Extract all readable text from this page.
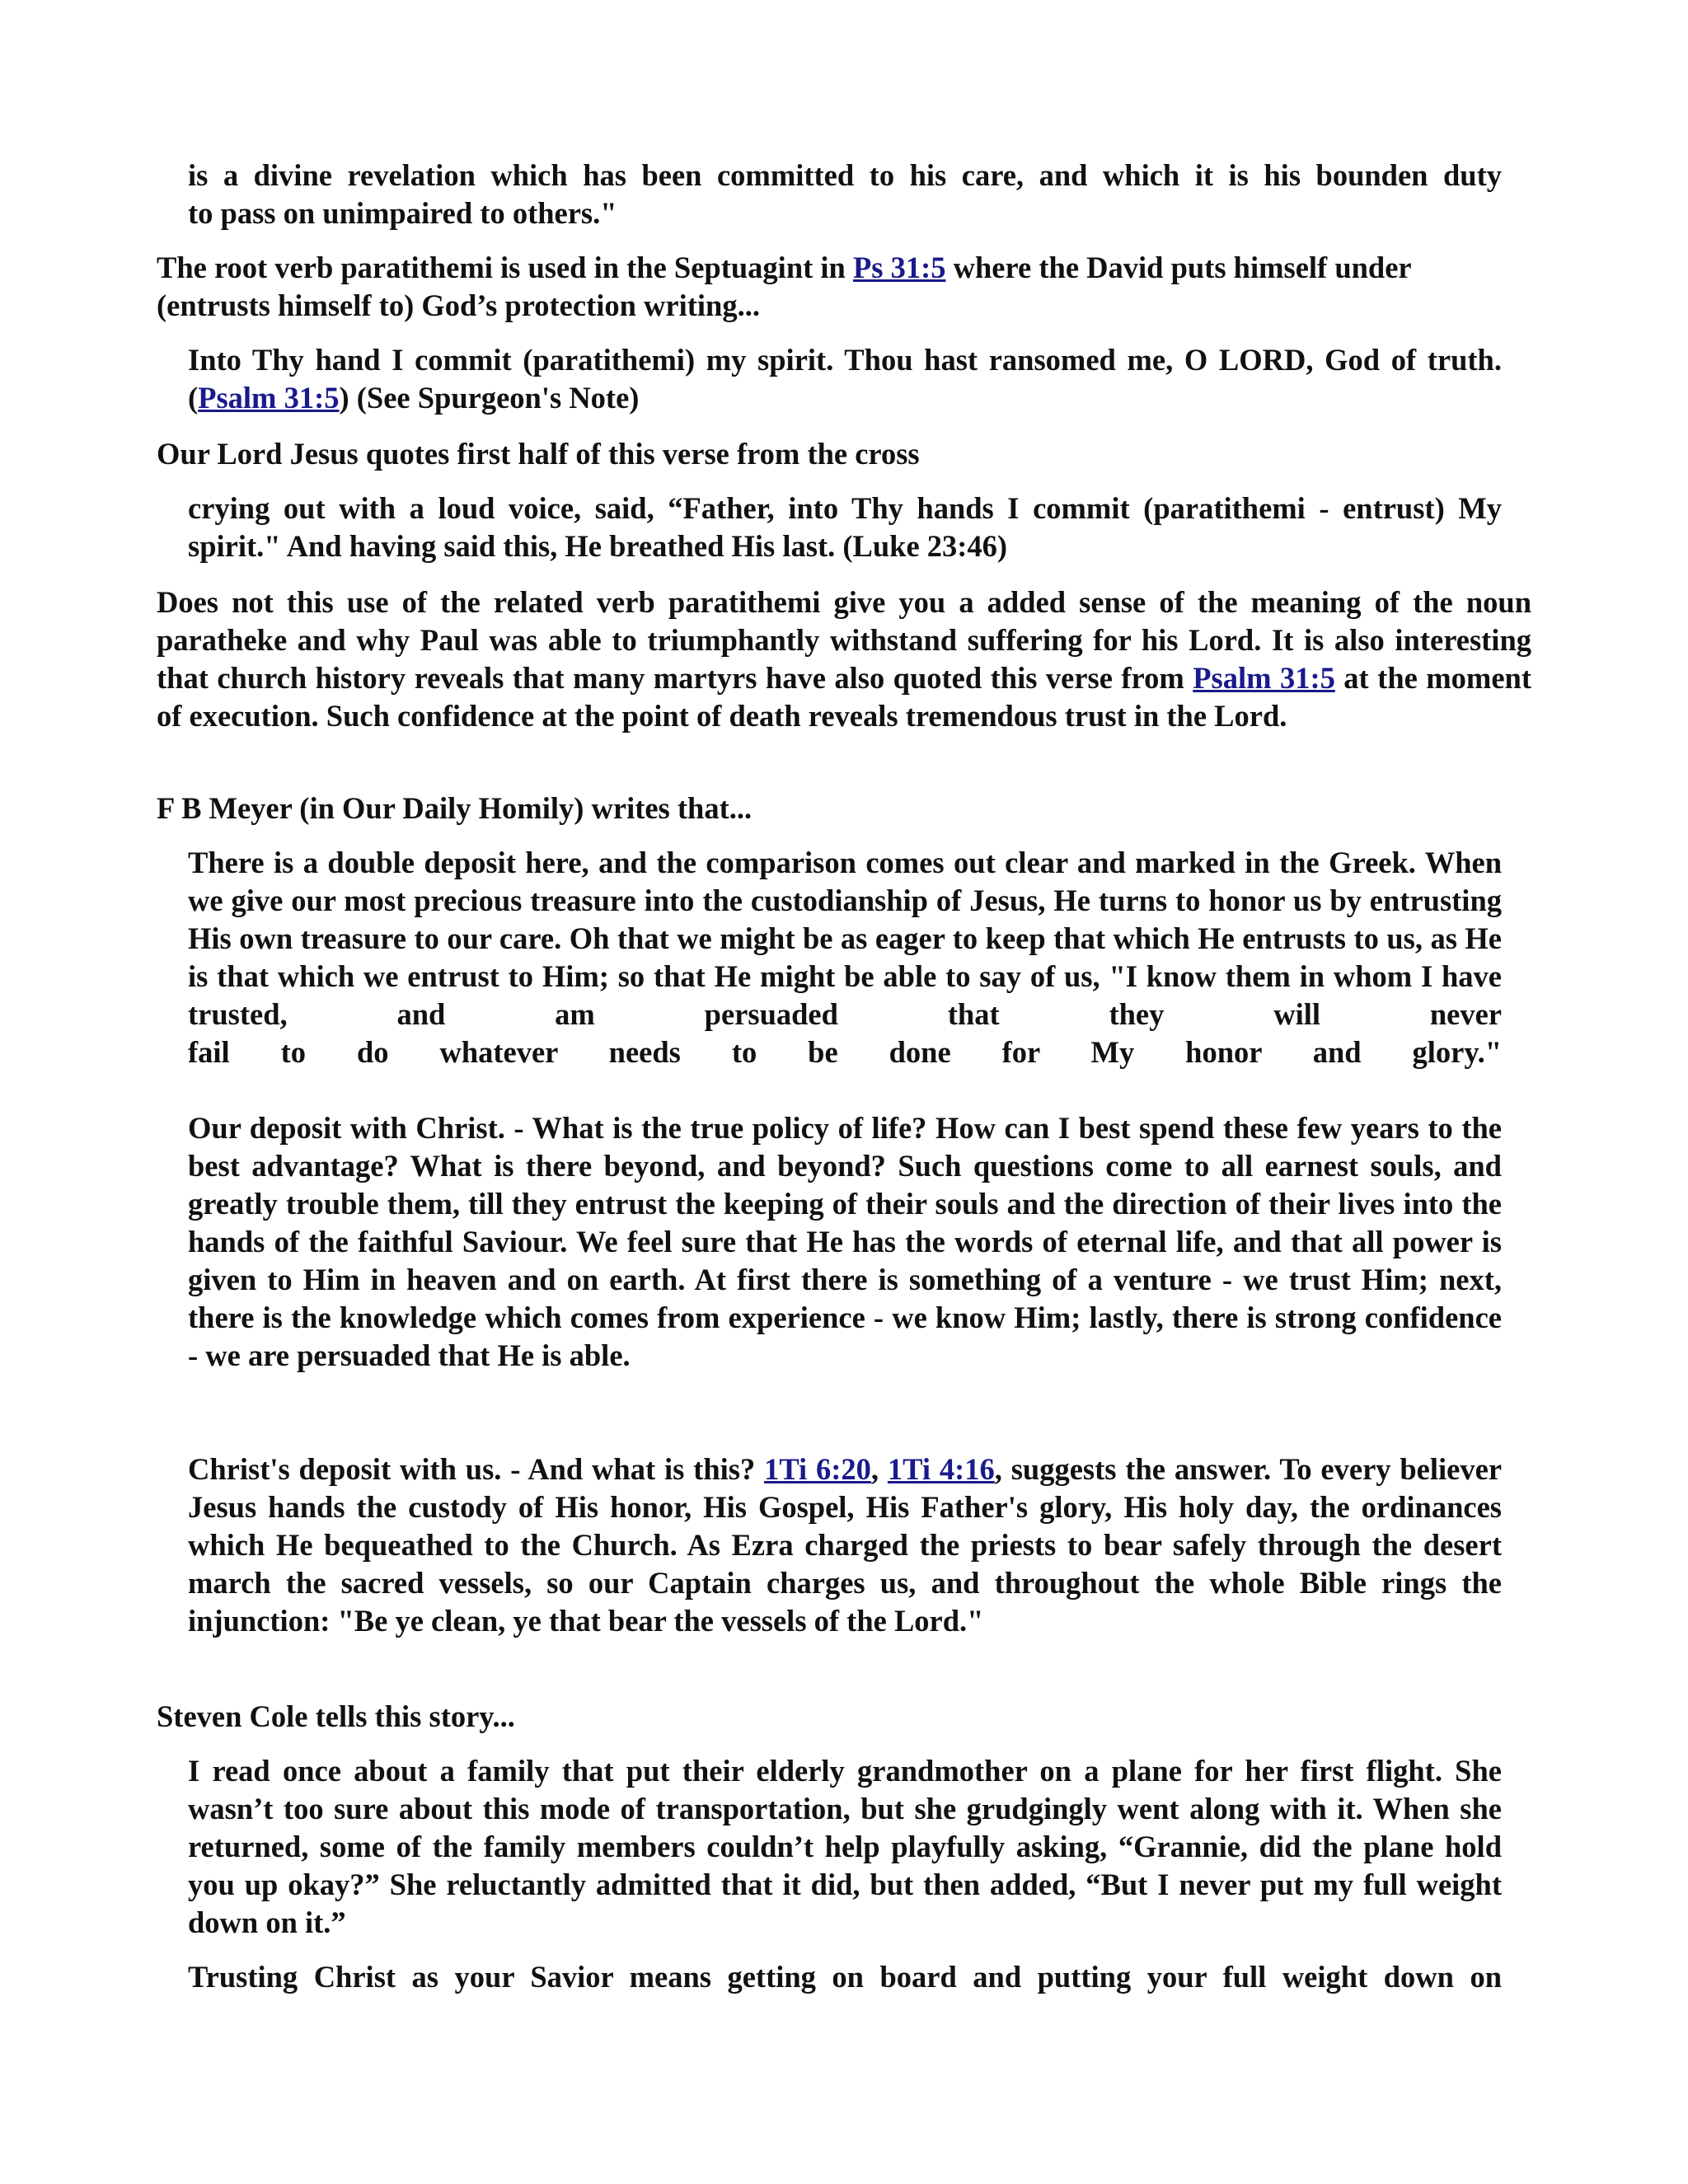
is a divine revelation which has been committed to his care, and which it is his bounden duty
to pass on unimpaired to others."
The root verb paratithemi is used in the Septuagint in Ps 31:5 where the David puts himself under (entrusts himself to) God’s protection writing...
Into Thy hand I commit (paratithemi) my spirit. Thou hast ransomed me, O LORD, God of truth. (Psalm 31:5) (See Spurgeon's Note)
Our Lord Jesus quotes first half of this verse from the cross
crying out with a loud voice, said, “Father, into Thy hands I commit (paratithemi - entrust) My spirit." And having said this, He breathed His last. (Luke 23:46)
Does not this use of the related verb paratithemi give you a added sense of the meaning of the noun paratheke and why Paul was able to triumphantly withstand suffering for his Lord. It is also interesting that church history reveals that many martyrs have also quoted this verse from Psalm 31:5 at the moment of execution. Such confidence at the point of death reveals tremendous trust in the Lord.
F B Meyer (in Our Daily Homily) writes that...
There is a double deposit here, and the comparison comes out clear and marked in the Greek. When we give our most precious treasure into the custodianship of Jesus, He turns to honor us by entrusting His own treasure to our care. Oh that we might be as eager to keep that which He entrusts to us, as He is that which we entrust to Him; so that He might be able to say of us, "I know them in whom I have trusted, and am persuaded that they will never
fail to do whatever needs to be done for My honor and glory."
Our deposit with Christ. - What is the true policy of life? How can I best spend these few years to the best advantage? What is there beyond, and beyond? Such questions come to all earnest souls, and greatly trouble them, till they entrust the keeping of their souls and the direction of their lives into the hands of the faithful Saviour. We feel sure that He has the words of eternal life, and that all power is given to Him in heaven and on earth. At first there is something of a venture - we trust Him; next, there is the knowledge which comes from experience - we know Him; lastly, there is strong confidence - we are persuaded that He is able.
Christ's deposit with us. - And what is this? 1Ti 6:20, 1Ti 4:16, suggests the answer. To every believer Jesus hands the custody of His honor, His Gospel, His Father's glory, His holy day, the ordinances which He bequeathed to the Church. As Ezra charged the priests to bear safely through the desert march the sacred vessels, so our Captain charges us, and throughout the whole Bible rings the injunction: "Be ye clean, ye that bear the vessels of the Lord."
Steven Cole tells this story...
I read once about a family that put their elderly grandmother on a plane for her first flight. She wasn’t too sure about this mode of transportation, but she grudgingly went along with it. When she returned, some of the family members couldn’t help playfully asking, “Grannie, did the plane hold you up okay?” She reluctantly admitted that it did, but then added, “But I never put my full weight down on it.”
Trusting Christ as your Savior means getting on board and putting your full weight down on
